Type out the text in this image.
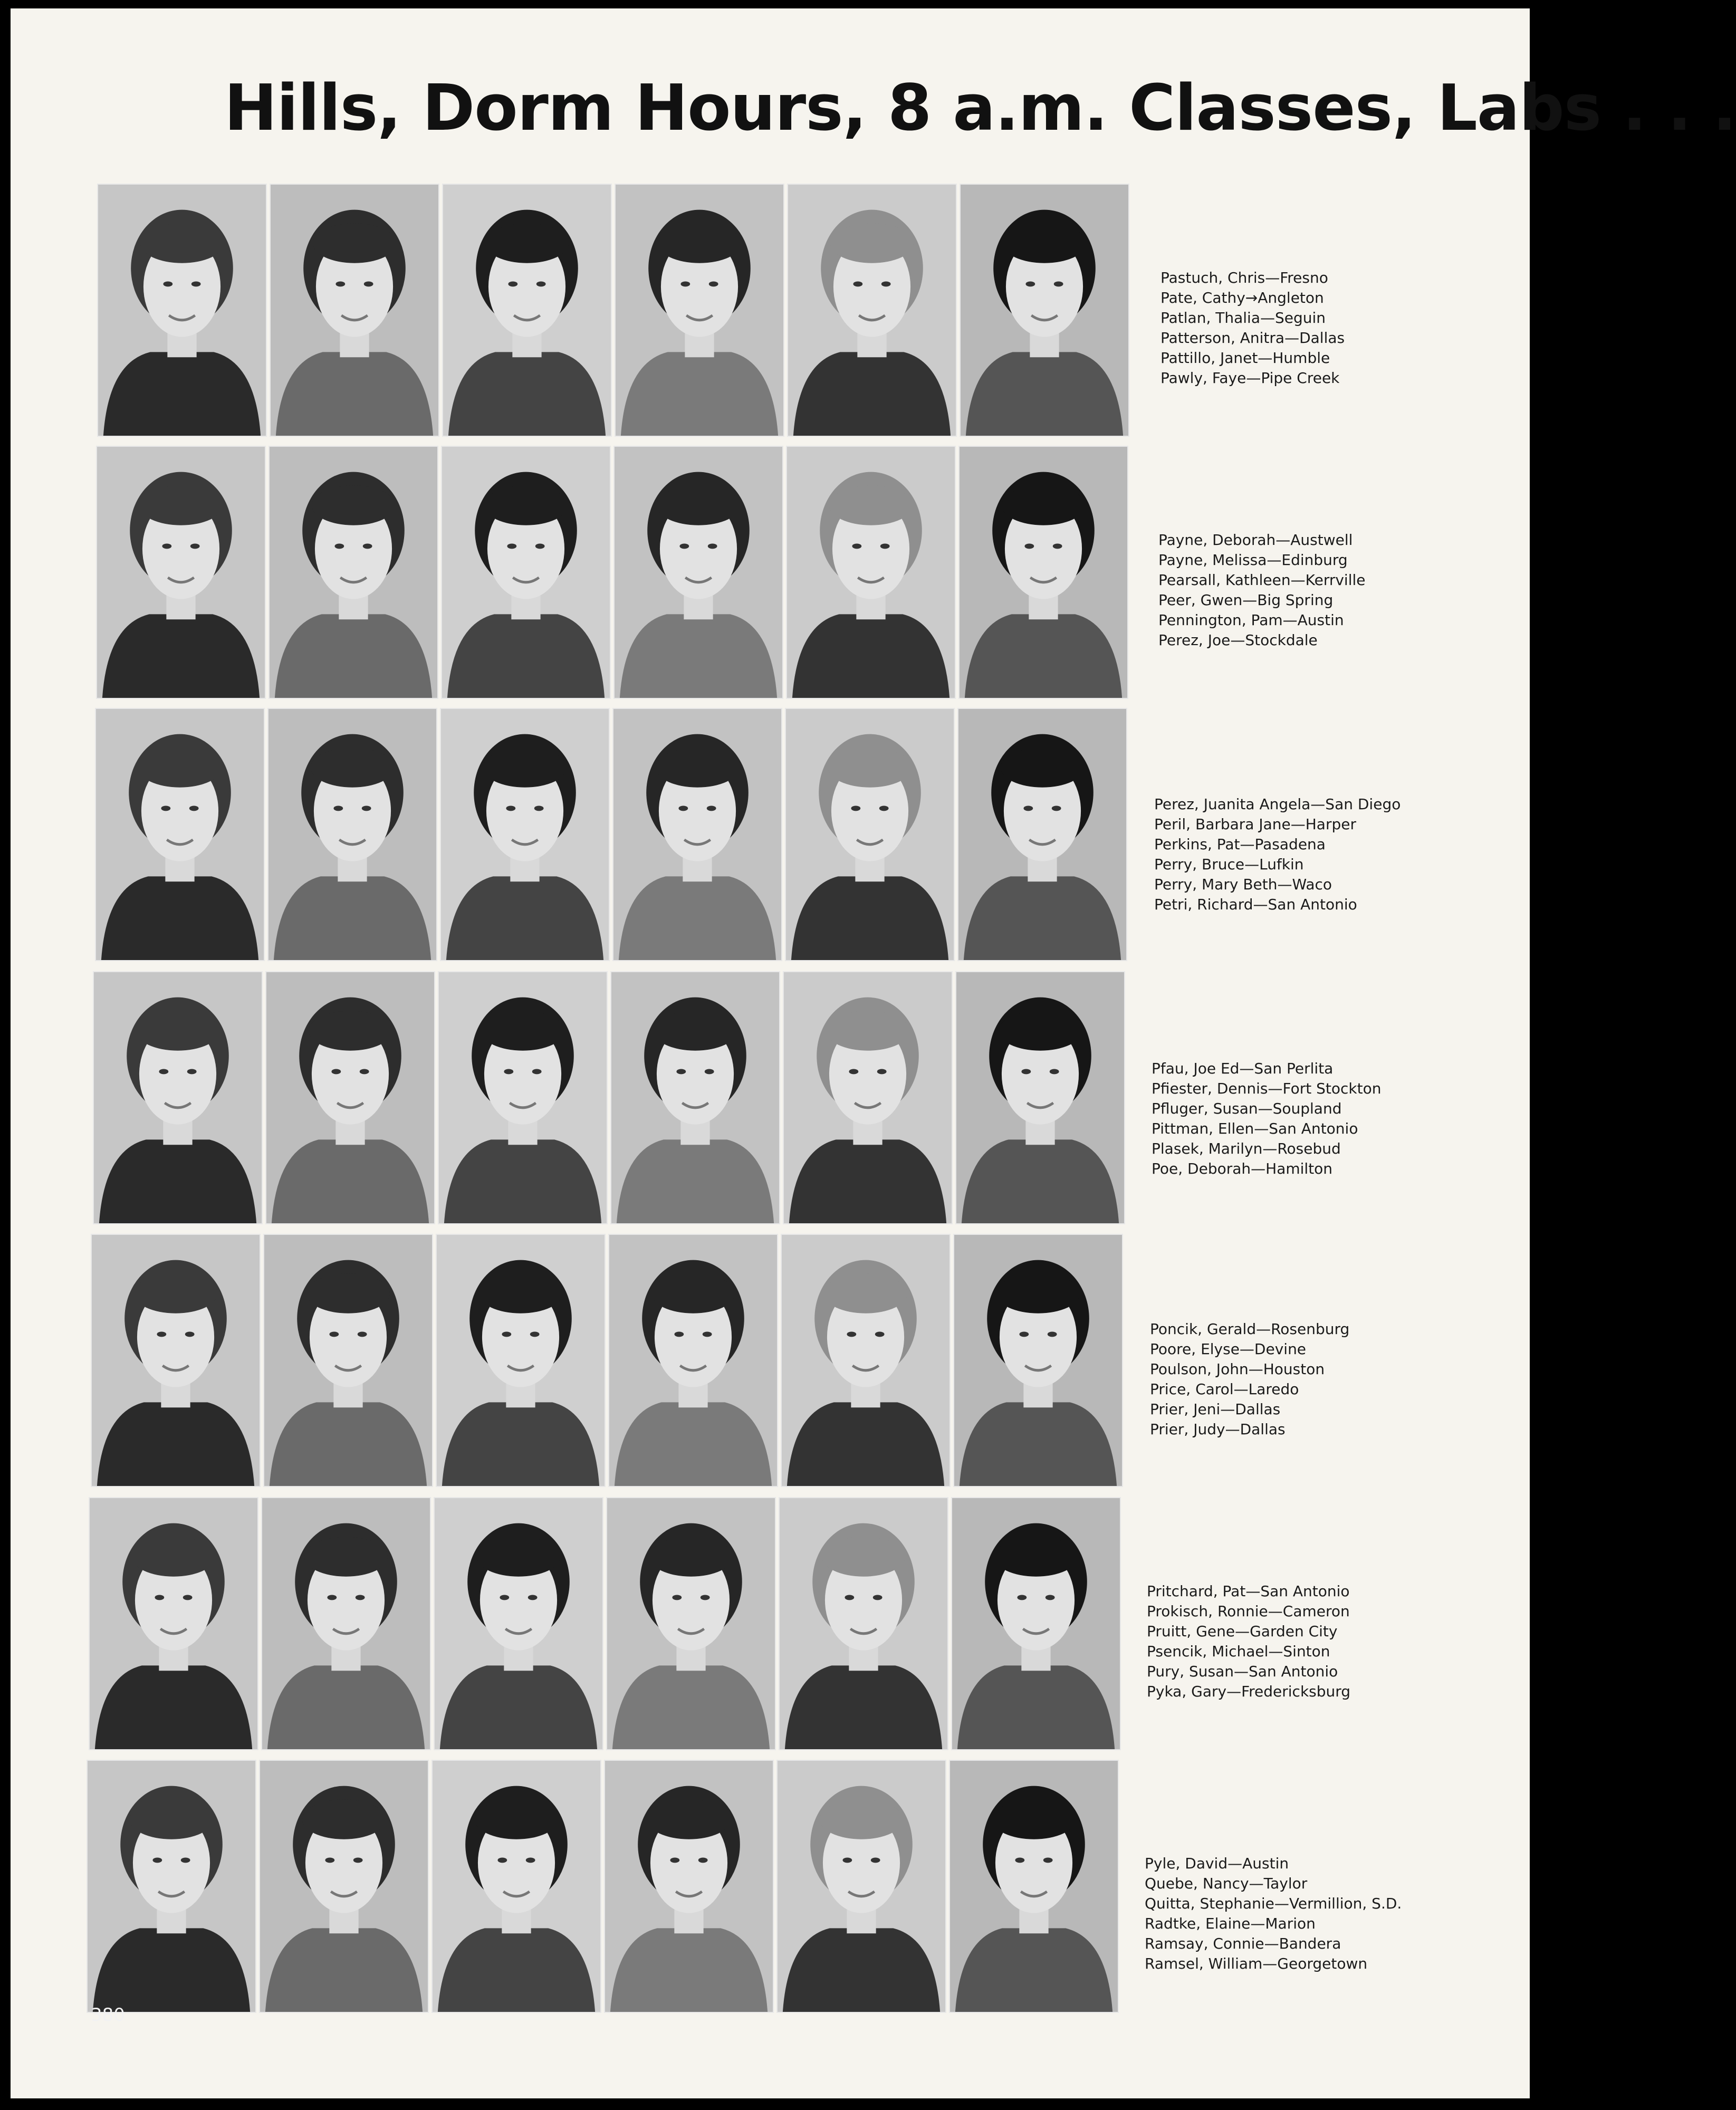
Hills, Dorm Hours, 8 a.m. Classes, Labs . . .
Pastuch, Chris—Fresno
Pate, Cathy→Angleton
Patlan, Thalia—Seguin
Patterson, Anitra—Dallas
Pattillo, Janet—Humble
Pawly, Faye—Pipe Creek
Payne, Deborah—Austwell
Payne, Melissa—Edinburg
Pearsall, Kathleen—Kerrville
Peer, Gwen—Big Spring
Pennington, Pam—Austin
Perez, Joe—Stockdale
Perez, Juanita Angela—San Diego
Peril, Barbara Jane—Harper
Perkins, Pat—Pasadena
Perry, Bruce—Lufkin
Perry, Mary Beth—Waco
Petri, Richard—San Antonio
Pfau, Joe Ed—San Perlita
Pfiester, Dennis—Fort Stockton
Pfluger, Susan—Soupland
Pittman, Ellen—San Antonio
Plasek, Marilyn—Rosebud
Poe, Deborah—Hamilton
Poncik, Gerald—Rosenburg
Poore, Elyse—Devine
Poulson, John—Houston
Price, Carol—Laredo
Prier, Jeni—Dallas
Prier, Judy—Dallas
Pritchard, Pat—San Antonio
Prokisch, Ronnie—Cameron
Pruitt, Gene—Garden City
Psencik, Michael—Sinton
Pury, Susan—San Antonio
Pyka, Gary—Fredericksburg
Pyle, David—Austin
Quebe, Nancy—Taylor
Quitta, Stephanie—Vermillion, S.D.
Radtke, Elaine—Marion
Ramsay, Connie—Bandera
Ramsel, William—Georgetown
380
